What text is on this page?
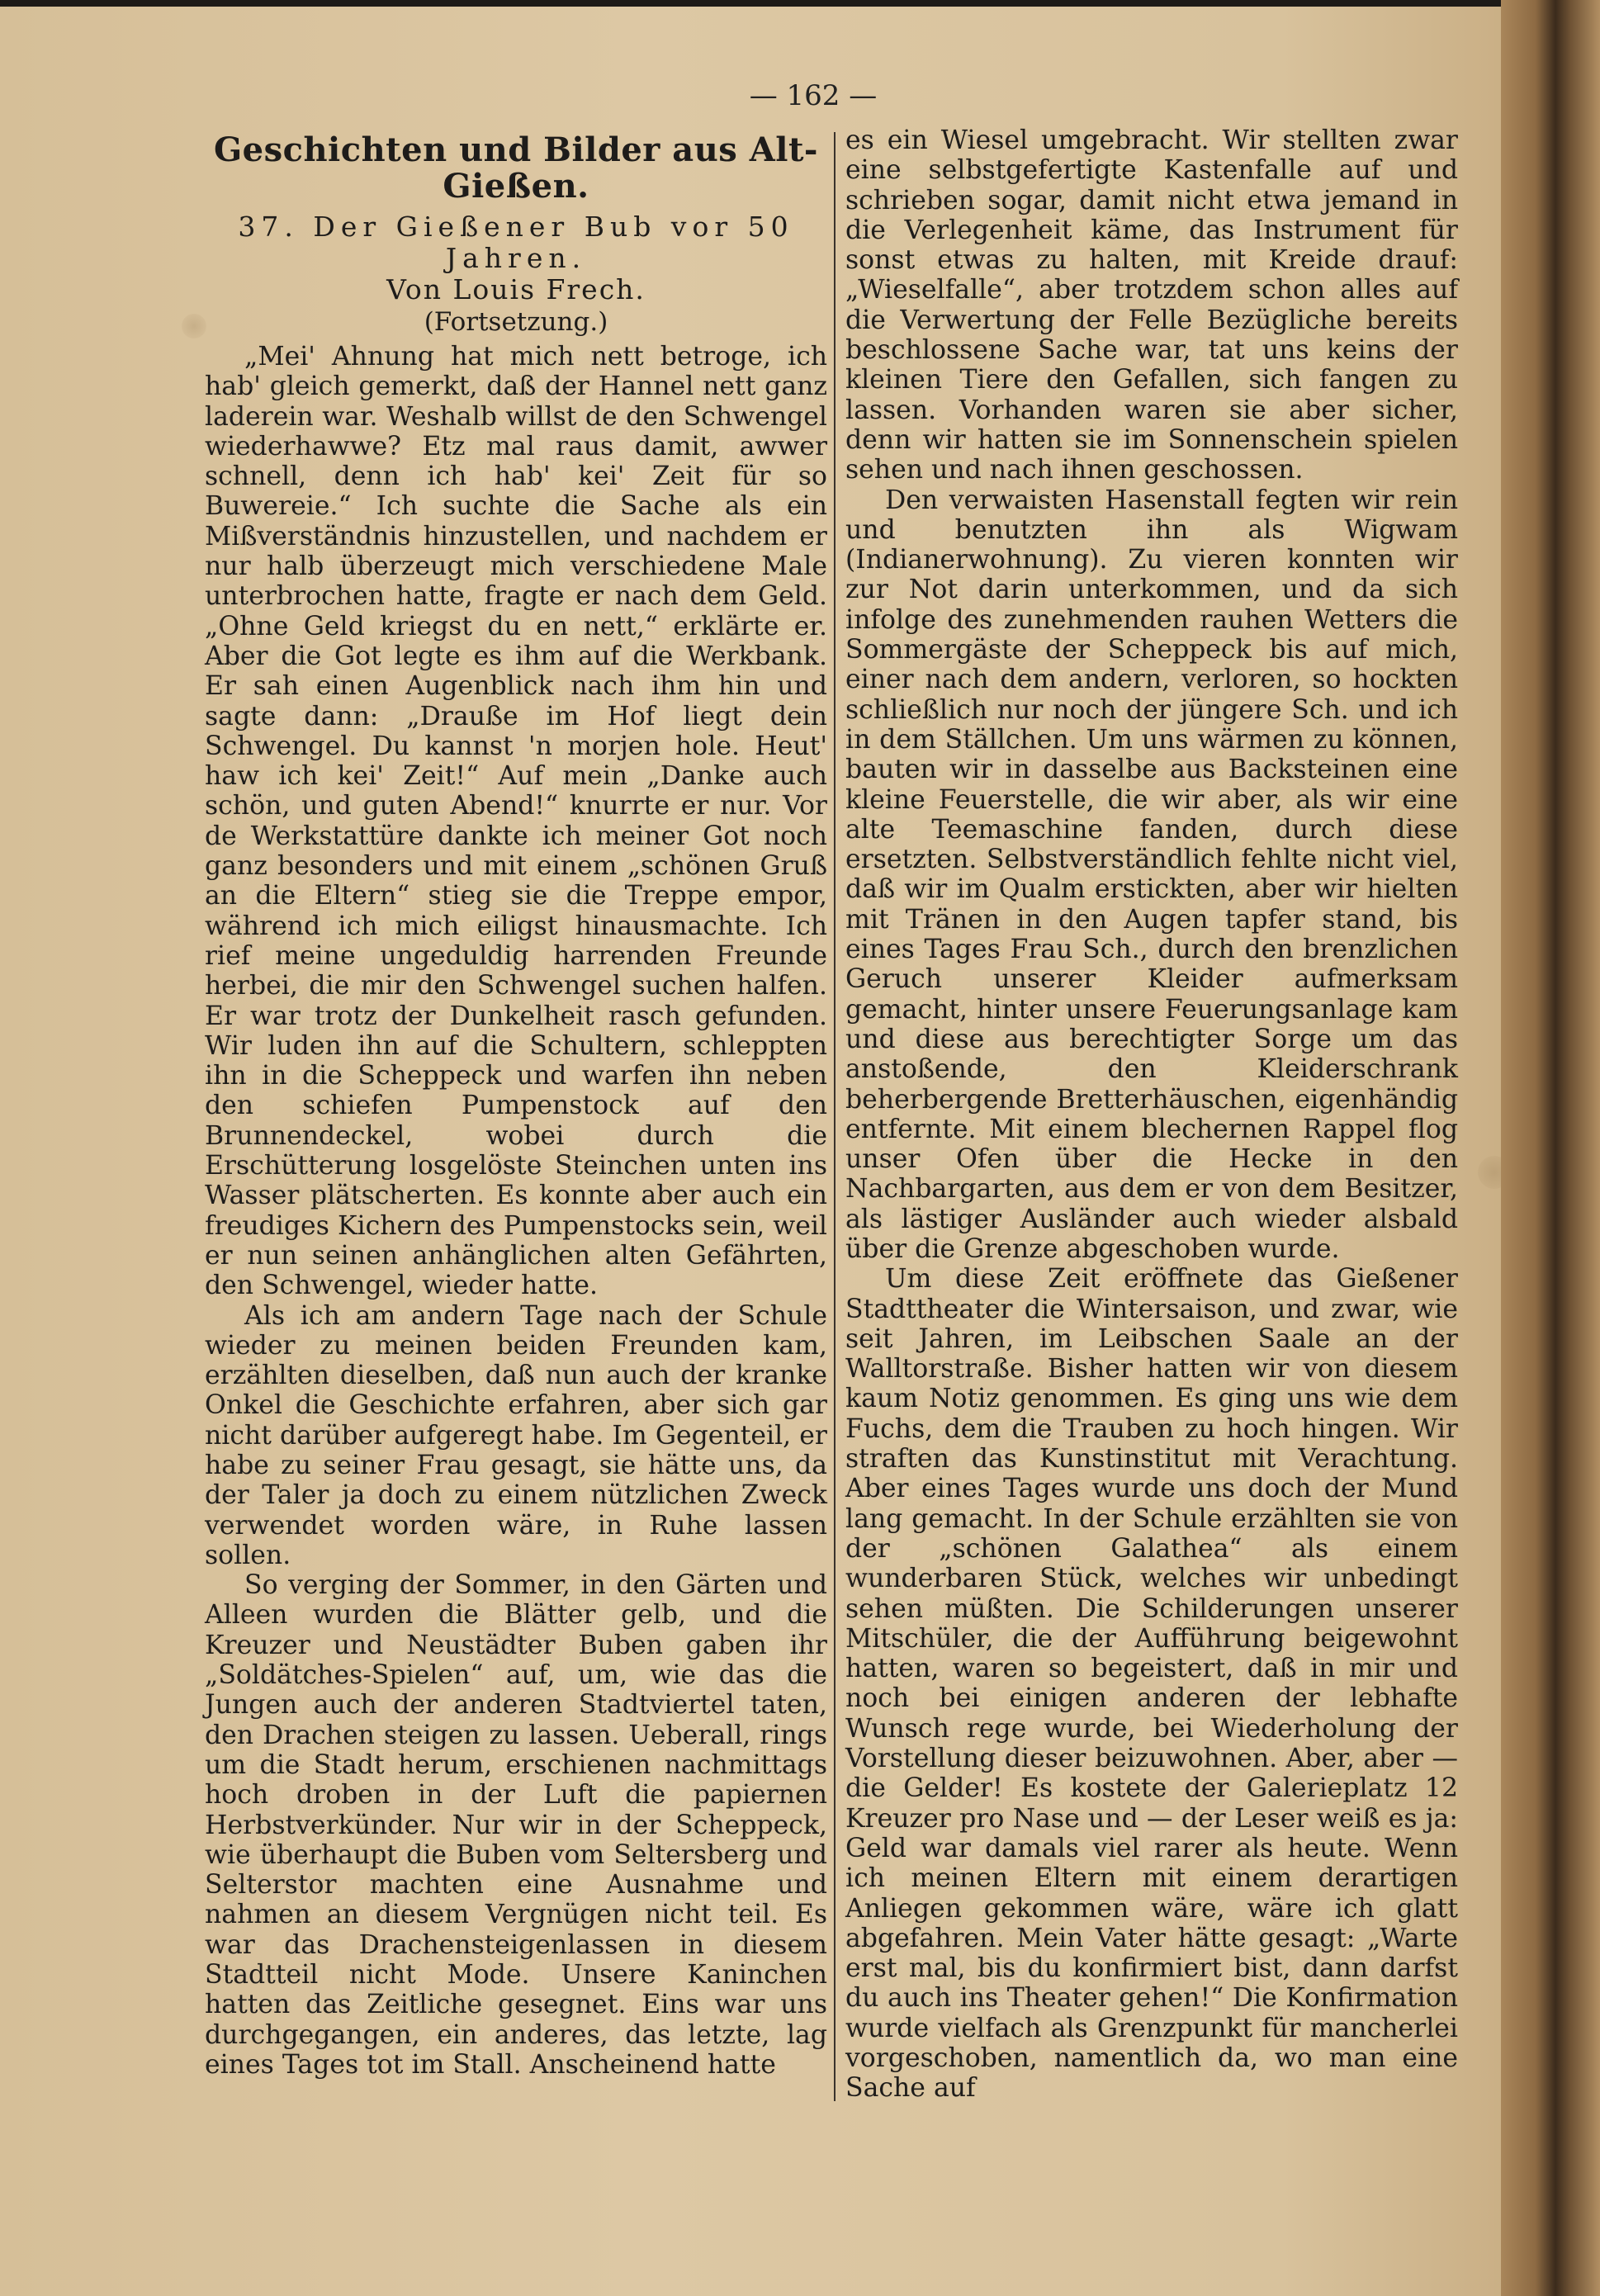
— 162 —
Geschichten und Bilder aus Alt-Gießen.
37. Der Gießener Bub vor 50 Jahren.
Von Louis Frech.
(Fortsetzung.)

„Mei' Ahnung hat mich nett betroge, ich hab' gleich gemerkt, daß der Hannel nett ganz laderein war. Weshalb willst de den Schwengel wiederhawwe? Etz mal raus damit, awwer schnell, denn ich hab' kei' Zeit für so Buwereie.“ Ich suchte die Sache als ein Mißverständnis hinzustellen, und nachdem er nur halb überzeugt mich verschiedene Male unterbrochen hatte, fragte er nach dem Geld. „Ohne Geld kriegst du en nett,“ erklärte er. Aber die Got legte es ihm auf die Werkbank. Er sah einen Augenblick nach ihm hin und sagte dann: „Drauße im Hof liegt dein Schwengel. Du kannst 'n morjen hole. Heut' haw ich kei' Zeit!“ Auf mein „Danke auch schön, und guten Abend!“ knurrte er nur. Vor de Werkstattüre dankte ich meiner Got noch ganz besonders und mit einem „schönen Gruß an die Eltern“ stieg sie die Treppe empor, während ich mich eiligst hinausmachte. Ich rief meine ungeduldig harrenden Freunde herbei, die mir den Schwengel suchen halfen. Er war trotz der Dunkelheit rasch gefunden. Wir luden ihn auf die Schultern, schleppten ihn in die Scheppeck und warfen ihn neben den schiefen Pumpenstock auf den Brunnendeckel, wobei durch die Erschütterung losgelöste Steinchen unten ins Wasser plätscherten. Es konnte aber auch ein freudiges Kichern des Pumpenstocks sein, weil er nun seinen anhänglichen alten Gefährten, den Schwengel, wieder hatte.

Als ich am andern Tage nach der Schule wieder zu meinen beiden Freunden kam, erzählten dieselben, daß nun auch der kranke Onkel die Geschichte erfahren, aber sich gar nicht darüber aufgeregt habe. Im Gegenteil, er habe zu seiner Frau gesagt, sie hätte uns, da der Taler ja doch zu einem nützlichen Zweck verwendet worden wäre, in Ruhe lassen sollen.

So verging der Sommer, in den Gärten und Alleen wurden die Blätter gelb, und die Kreuzer und Neustädter Buben gaben ihr „Soldätches-Spielen“ auf, um, wie das die Jungen auch der anderen Stadtviertel taten, den Drachen steigen zu lassen. Ueberall, rings um die Stadt herum, erschienen nachmittags hoch droben in der Luft die papiernen Herbstverkünder. Nur wir in der Scheppeck, wie überhaupt die Buben vom Seltersberg und Selterstor machten eine Ausnahme und nahmen an diesem Vergnügen nicht teil. Es war das Drachensteigenlassen in diesem Stadtteil nicht Mode. Unsere Kaninchen hatten das Zeitliche gesegnet. Eins war uns durchgegangen, ein anderes, das letzte, lag eines Tages tot im Stall. Anscheinend hatte

es ein Wiesel umgebracht. Wir stellten zwar eine selbstgefertigte Kastenfalle auf und schrieben sogar, damit nicht etwa jemand in die Verlegenheit käme, das Instrument für sonst etwas zu halten, mit Kreide drauf: „Wieselfalle“, aber trotzdem schon alles auf die Verwertung der Felle Bezügliche bereits beschlossene Sache war, tat uns keins der kleinen Tiere den Gefallen, sich fangen zu lassen. Vorhanden waren sie aber sicher, denn wir hatten sie im Sonnenschein spielen sehen und nach ihnen geschossen.

Den verwaisten Hasenstall fegten wir rein und benutzten ihn als Wigwam (Indianerwohnung). Zu vieren konnten wir zur Not darin unterkommen, und da sich infolge des zunehmenden rauhen Wetters die Sommergäste der Scheppeck bis auf mich, einer nach dem andern, verloren, so hockten schließlich nur noch der jüngere Sch. und ich in dem Ställchen. Um uns wärmen zu können, bauten wir in dasselbe aus Backsteinen eine kleine Feuerstelle, die wir aber, als wir eine alte Teemaschine fanden, durch diese ersetzten. Selbstverständlich fehlte nicht viel, daß wir im Qualm erstickten, aber wir hielten mit Tränen in den Augen tapfer stand, bis eines Tages Frau Sch., durch den brenzlichen Geruch unserer Kleider aufmerksam gemacht, hinter unsere Feuerungsanlage kam und diese aus berechtigter Sorge um das anstoßende, den Kleiderschrank beherbergende Bretterhäuschen, eigenhändig entfernte. Mit einem blechernen Rappel flog unser Ofen über die Hecke in den Nachbargarten, aus dem er von dem Besitzer, als lästiger Ausländer auch wieder alsbald über die Grenze abgeschoben wurde.

Um diese Zeit eröffnete das Gießener Stadttheater die Wintersaison, und zwar, wie seit Jahren, im Leibschen Saale an der Walltorstraße. Bisher hatten wir von diesem kaum Notiz genommen. Es ging uns wie dem Fuchs, dem die Trauben zu hoch hingen. Wir straften das Kunstinstitut mit Verachtung. Aber eines Tages wurde uns doch der Mund lang gemacht. In der Schule erzählten sie von der „schönen Galathea“ als einem wunderbaren Stück, welches wir unbedingt sehen müßten. Die Schilderungen unserer Mitschüler, die der Aufführung beigewohnt hatten, waren so begeistert, daß in mir und noch bei einigen anderen der lebhafte Wunsch rege wurde, bei Wiederholung der Vorstellung dieser beizuwohnen. Aber, aber — die Gelder! Es kostete der Galerieplatz 12 Kreuzer pro Nase und — der Leser weiß es ja: Geld war damals viel rarer als heute. Wenn ich meinen Eltern mit einem derartigen Anliegen gekommen wäre, wäre ich glatt abgefahren. Mein Vater hätte gesagt: „Warte erst mal, bis du konfirmiert bist, dann darfst du auch ins Theater gehen!“ Die Konfirmation wurde vielfach als Grenzpunkt für mancherlei vorgeschoben, namentlich da, wo man eine Sache auf
